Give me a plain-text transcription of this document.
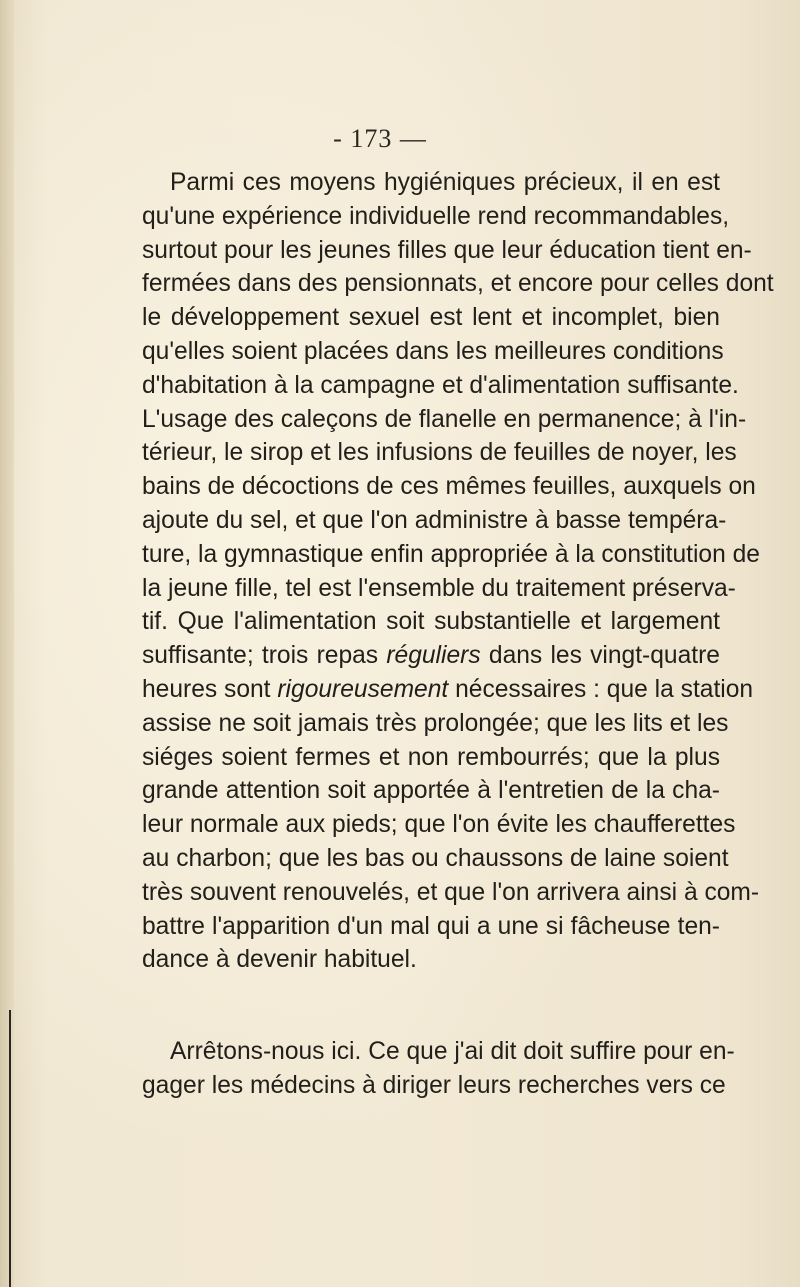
- 173 —
Parmi ces moyens hygiéniques précieux, il en est
qu'une expérience individuelle rend recommandables,
surtout pour les jeunes filles que leur éducation tient en-
fermées dans des pensionnats, et encore pour celles dont
le développement sexuel est lent et incomplet, bien
qu'elles soient placées dans les meilleures conditions
d'habitation à la campagne et d'alimentation suffisante.
L'usage des caleçons de flanelle en permanence; à l'in-
térieur, le sirop et les infusions de feuilles de noyer, les
bains de décoctions de ces mêmes feuilles, auxquels on
ajoute du sel, et que l'on administre à basse tempéra-
ture, la gymnastique enfin appropriée à la constitution de
la jeune fille, tel est l'ensemble du traitement préserva-
tif. Que l'alimentation soit substantielle et largement
suffisante; trois repas réguliers dans les vingt-quatre
heures sont rigoureusement nécessaires : que la station
assise ne soit jamais très prolongée; que les lits et les
siéges soient fermes et non rembourrés; que la plus
grande attention soit apportée à l'entretien de la cha-
leur normale aux pieds; que l'on évite les chaufferettes
au charbon; que les bas ou chaussons de laine soient
très souvent renouvelés, et que l'on arrivera ainsi à com-
battre l'apparition d'un mal qui a une si fâcheuse ten-
dance à devenir habituel.
Arrêtons-nous ici. Ce que j'ai dit doit suffire pour en-
gager les médecins à diriger leurs recherches vers ce
